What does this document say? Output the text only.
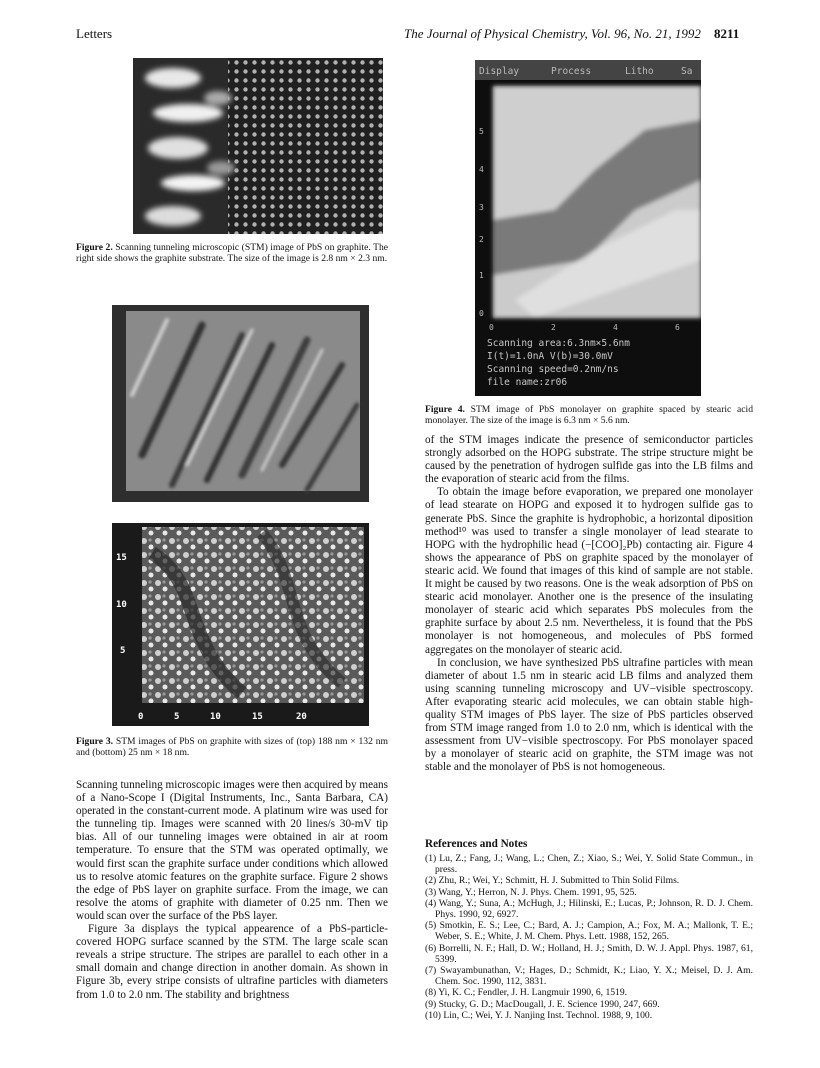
Letters	The Journal of Physical Chemistry, Vol. 96, No. 21, 1992 8211
Figure 2. Scanning tunneling microscopic (STM) image of PbS on graphite. The right side shows the graphite substrate. The size of the image is 2.8 nm × 2.3 nm.
15
10
5
0	5	10	15	20
Figure 3. STM images of PbS on graphite with sizes of (top) 188 nm × 132 nm and (bottom) 25 nm × 18 nm.

Scanning tunneling microscopic images were then acquired by means of a Nano-Scope I (Digital Instruments, Inc., Santa Barbara, CA) operated in the constant-current mode. A platinum wire was used for the tunneling tip. Images were scanned with 20 lines/s 30-mV tip bias. All of our tunneling images were obtained in air at room temperature. To ensure that the STM was operated optimally, we would first scan the graphite surface under conditions which allowed us to resolve atomic features on the graphite surface. Figure 2 shows the edge of PbS layer on graphite surface. From the image, we can resolve the atoms of graphite with diameter of 0.25 nm. Then we would scan over the surface of the PbS layer.

Figure 3a displays the typical appearence of a PbS-particle-covered HOPG surface scanned by the STM. The large scale scan reveals a stripe structure. The stripes are parallel to each other in a small domain and change direction in another domain. As shown in Figure 3b, every stripe consists of ultrafine particles with diameters from 1.0 to 2.0 nm. The stability and brightness

Display	Process	Litho	Sa
5
4
3
2
1
0
0	2	4	6
Scanning area:6.3nm×5.6nm
I(t)=1.0nA V(b)=30.0mV
Scanning speed=0.2nm/ns
file name:zr06
Figure 4. STM image of PbS monolayer on graphite spaced by stearic acid monolayer. The size of the image is 6.3 nm × 5.6 nm.

of the STM images indicate the presence of semiconductor particles strongly adsorbed on the HOPG substrate. The stripe structure might be caused by the penetration of hydrogen sulfide gas into the LB films and the evaporation of stearic acid from the films.

To obtain the image before evaporation, we prepared one monolayer of lead stearate on HOPG and exposed it to hydrogen sulfide gas to generate PbS. Since the graphite is hydrophobic, a horizontal diposition method¹⁰ was used to transfer a single monolayer of lead stearate to HOPG with the hydrophilic head (−[COO]₂Pb) contacting air. Figure 4 shows the appearance of PbS on graphite spaced by the monolayer of stearic acid. We found that images of this kind of sample are not stable. It might be caused by two reasons. One is the weak adsorption of PbS on stearic acid monolayer. Another one is the presence of the insulating monolayer of stearic acid which separates PbS molecules from the graphite surface by about 2.5 nm. Nevertheless, it is found that the PbS monolayer is not homogeneous, and molecules of PbS formed aggregates on the monolayer of stearic acid.

In conclusion, we have synthesized PbS ultrafine particles with mean diameter of about 1.5 nm in stearic acid LB films and analyzed them using scanning tunneling microscopy and UV−visible spectroscopy. After evaporating stearic acid molecules, we can obtain stable high-quality STM images of PbS layer. The size of PbS particles observed from STM image ranged from 1.0 to 2.0 nm, which is identical with the assessment from UV−visible spectroscopy. For PbS monolayer spaced by a monolayer of stearic acid on graphite, the STM image was not stable and the monolayer of PbS is not homogeneous.

References and Notes
(1) Lu, Z.; Fang, J.; Wang, L.; Chen, Z.; Xiao, S.; Wei, Y. Solid State Commun., in press.
(2) Zhu, R.; Wei, Y.; Schmitt, H. J. Submitted to Thin Solid Films.
(3) Wang, Y.; Herron, N. J. Phys. Chem. 1991, 95, 525.
(4) Wang, Y.; Suna, A.; McHugh, J.; Hilinski, E.; Lucas, P.; Johnson, R. D. J. Chem. Phys. 1990, 92, 6927.
(5) Smotkin, E. S.; Lee, C.; Bard, A. J.; Campion, A.; Fox, M. A.; Mallonk, T. E.; Weber, S. E.; White, J. M. Chem. Phys. Lett. 1988, 152, 265.
(6) Borrelli, N. F.; Hall, D. W.; Holland, H. J.; Smith, D. W. J. Appl. Phys. 1987, 61, 5399.
(7) Swayambunathan, V.; Hages, D.; Schmidt, K.; Liao, Y. X.; Meisel, D. J. Am. Chem. Soc. 1990, 112, 3831.
(8) Yi, K. C.; Fendler, J. H. Langmuir 1990, 6, 1519.
(9) Stucky, G. D.; MacDougall, J. E. Science 1990, 247, 669.
(10) Lin, C.; Wei, Y. J. Nanjing Inst. Technol. 1988, 9, 100.
